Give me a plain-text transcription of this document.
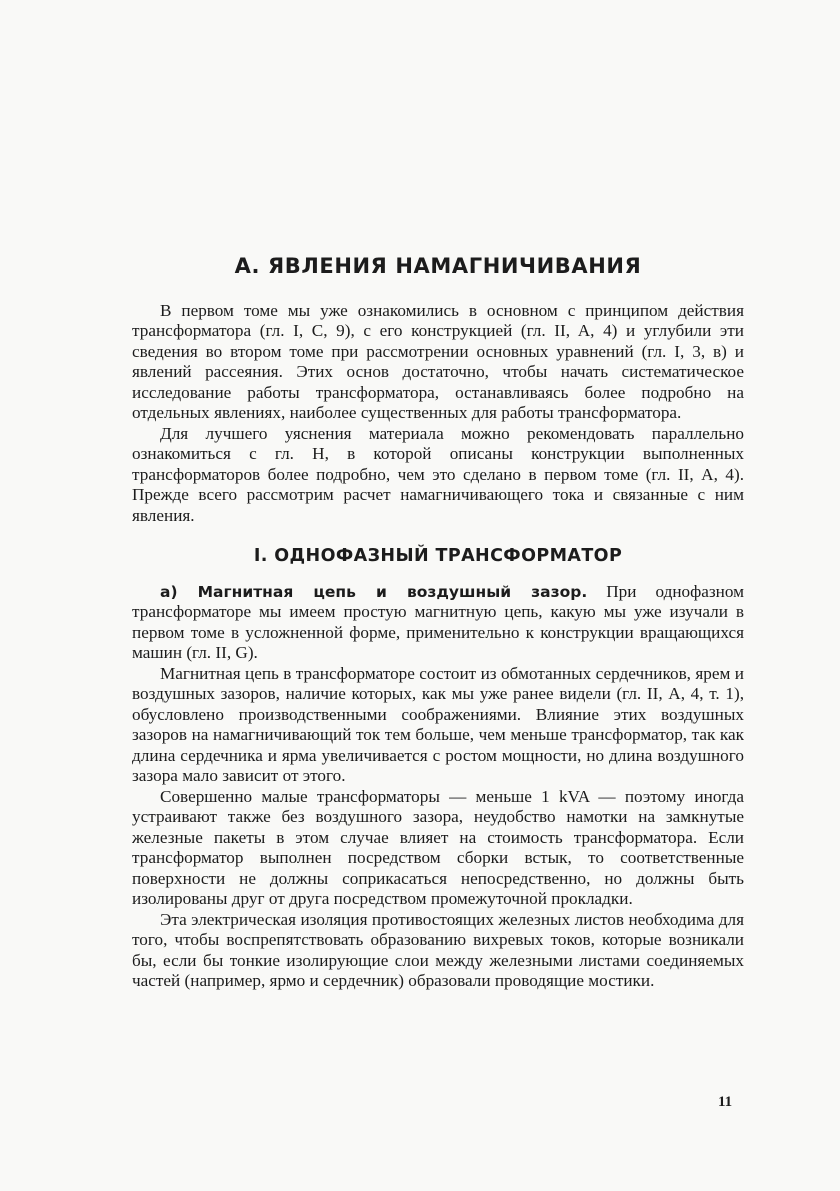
А. ЯВЛЕНИЯ НАМАГНИЧИВАНИЯ

В первом томе мы уже ознакомились в основном с принципом действия трансформатора (гл. I, С, 9), с его конструкцией (гл. II, A, 4) и углубили эти сведения во втором томе при рассмотрении основных уравнений (гл. I, 3, в) и явлений рассеяния. Этих основ достаточно, чтобы начать систематическое исследование работы трансформатора, останавливаясь более подробно на отдельных явлениях, наиболее существенных для работы трансформатора.

Для лучшего уяснения материала можно рекомендовать параллельно ознакомиться с гл. Н, в которой описаны конструкции выполненных трансформаторов более подробно, чем это сделано в первом томе (гл. II, А, 4). Прежде всего рассмотрим расчет намагничивающего тока и связанные с ним явления.

I. ОДНОФАЗНЫЙ ТРАНСФОРМАТОР

а) Магнитная цепь и воздушный зазор. При однофазном трансформаторе мы имеем простую магнитную цепь, какую мы уже изучали в первом томе в усложненной форме, применительно к конструкции вращающихся машин (гл. II, G).

Магнитная цепь в трансформаторе состоит из обмотанных сердечников, ярем и воздушных зазоров, наличие которых, как мы уже ранее видели (гл. II, А, 4, т. 1), обусловлено производственными соображениями. Влияние этих воздушных зазоров на намагничивающий ток тем больше, чем меньше трансформатор, так как длина сердечника и ярма увеличивается с ростом мощности, но длина воздушного зазора мало зависит от этого.

Совершенно малые трансформаторы — меньше 1 kVA — поэтому иногда устраивают также без воздушного зазора, неудобство намотки на замкнутые железные пакеты в этом случае влияет на стоимость трансформатора. Если трансформатор выполнен посредством сборки встык, то соответственные поверхности не должны соприкасаться непосредственно, но должны быть изолированы друг от друга посредством промежуточной прокладки.

Эта электрическая изоляция противостоящих железных листов необходима для того, чтобы воспрепятствовать образованию вихревых токов, которые возникали бы, если бы тонкие изолирующие слои между железными листами соединяемых частей (например, ярмо и сердечник) образовали проводящие мостики.

11
